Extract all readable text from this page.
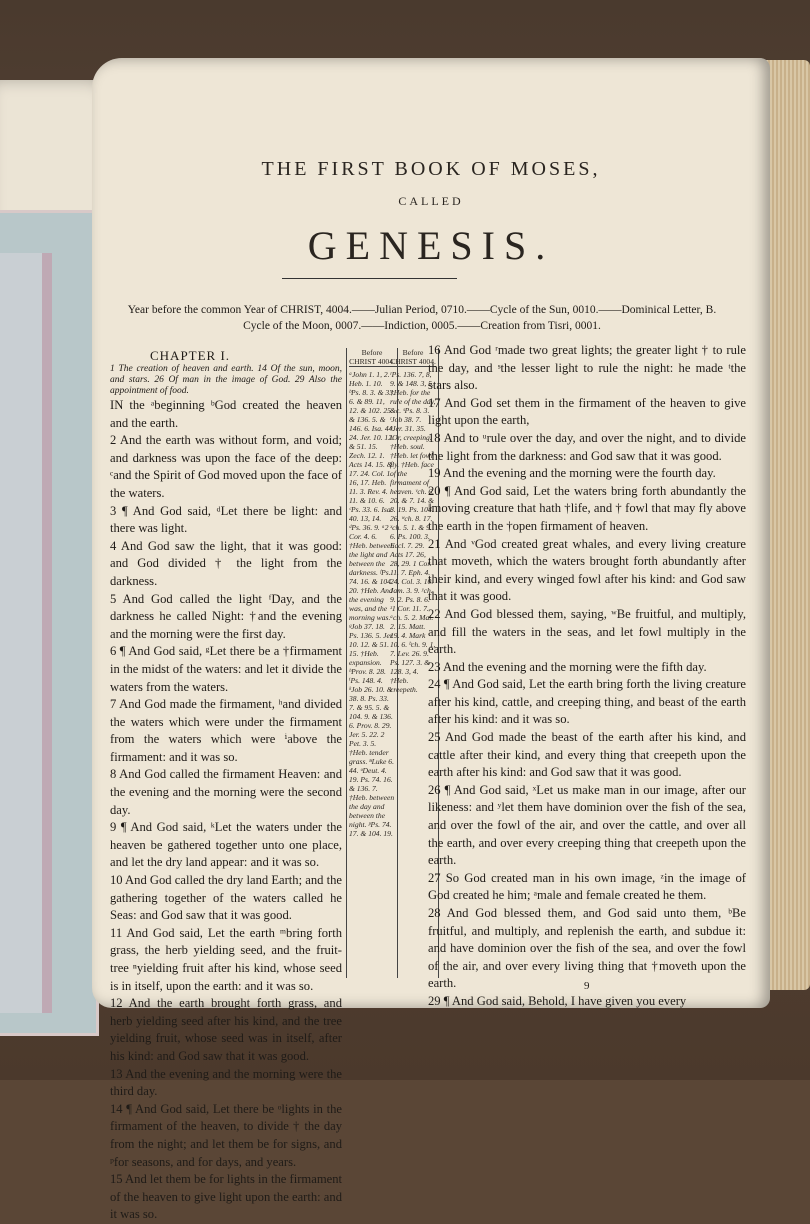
THE FIRST BOOK OF MOSES,
CALLED
GENESIS.
Year before the common Year of CHRIST, 4004.——Julian Period, 0710.——Cycle of the Sun, 0010.——Dominical Letter, B.
Cycle of the Moon, 0007.——Indiction, 0005.——Creation from Tisri, 0001.
CHAPTER I.

1 The creation of heaven and earth. 14 Of the sun, moon, and stars. 26 Of man in the image of God. 29 Also the appointment of food.

IN the ᵃbeginning ᵇGod created the heaven and the earth.

2 And the earth was without form, and void; and darkness was upon the face of the deep: ᶜand the Spirit of God moved upon the face of the waters.

3 ¶ And God said, ᵈLet there be light: and there was light.

4 And God saw the light, that it was good: and God divided † the light from the darkness.

5 And God called the light ᶠDay, and the darkness he called Night: †and the evening and the morning were the first day.

6 ¶ And God said, ᵍLet there be a †firmament in the midst of the waters: and let it divide the waters from the waters.

7 And God made the firmament, ʰand divided the waters which were under the firmament from the waters which were ⁱabove the firmament: and it was so.

8 And God called the firmament Heaven: and the evening and the morning were the second day.

9 ¶ And God said, ᵏLet the waters under the heaven be gathered together unto one place, and let the dry land appear: and it was so.

10 And God called the dry land Earth; and the gathering together of the waters called he Seas: and God saw that it was good.

11 And God said, Let the earth ᵐbring forth grass, the herb yielding seed, and the fruit-tree ⁿyielding fruit after his kind, whose seed is in itself, upon the earth: and it was so.

12 And the earth brought forth grass, and herb yielding seed after his kind, and the tree yielding fruit, whose seed was in itself, after his kind: and God saw that it was good.

13 And the evening and the morning were the third day.

14 ¶ And God said, Let there be ᵒlights in the firmament of the heaven, to divide † the day from the night; and let them be for signs, and ᵖfor seasons, and for days, and years.

15 And let them be for lights in the firmament of the heaven to give light upon the earth: and it was so.

Before CHRIST 4004.
ᵃJohn 1. 1, 2. Heb. 1. 10. ᵇPs. 8. 3. & 33. 6. & 89. 11, 12. & 102. 25. & 136. 5. & 146. 6. Isa. 44. 24. Jer. 10. 12. & 51. 15. Zech. 12. 1. Acts 14. 15. & 17. 24. Col. 1. 16, 17. Heb. 11. 3. Rev. 4. 11. & 10. 6. ᶜPs. 33. 6. Isa. 40. 13, 14. ᵈPs. 36. 9. ᵅ2 Cor. 4. 6. †Heb. between the light and between the darkness. ᶠPs. 74. 16. & 104. 20. †Heb. And the evening was, and the morning was. ᵍJob 37. 18. Ps. 136. 5. Jer. 10. 12. & 51. 15. †Heb. expansion. ʰProv. 8. 28. ⁱPs. 148. 4. ᵏJob 26. 10. & 38. 8. Ps. 33. 7. & 95. 5. & 104. 9. & 136. 6. Prov. 8. 29. Jer. 5. 22. 2 Pet. 3. 5. †Heb. tender grass. ⁿLuke 6. 44. ᵒDeut. 4. 19. Ps. 74. 16. & 136. 7. †Heb. between the day and between the night. ᵖPs. 74. 17. & 104. 19.
Before CHRIST 4004.
ʳPs. 136. 7, 8, 9. & 148. 3, 5. †Heb. for the rule of the day, &c. ˢPs. 8. 3. ᵗJob 38. 7. ᵘJer. 31. 35. ‖Or, creeping. †Heb. soul. †Heb. let fowl fly. †Heb. face of the firmament of heaven. ᵛch. 6. 20. & 7. 14. & 8. 19. Ps. 104. 26. ʷch. 8. 17. ˣch. 5. 1. & 9. 6. Ps. 100. 3. Eccl. 7. 29. Acts 17. 26, 28, 29. 1 Cor. 11. 7. Eph. 4. 24. Col. 3. 10. Jam. 3. 9. ʸch. 9. 2. Ps. 8. 6. ᶻ1 Cor. 11. 7. ᵃch. 5. 2. Mal. 2. 15. Matt. 19. 4. Mark 10. 6. ᵇch. 9. 1, 7. Lev. 26. 9. Ps. 127. 3. & 128. 3, 4. †Heb. creepeth.

16 And God ʳmade two great lights; the greater light † to rule the day, and ˢthe lesser light to rule the night: he made ᵗthe stars also.

17 And God set them in the firmament of the heaven to give light upon the earth,

18 And to ᵘrule over the day, and over the night, and to divide the light from the darkness: and God saw that it was good.

19 And the evening and the morning were the fourth day.

20 ¶ And God said, Let the waters bring forth abundantly the ‖moving creature that hath †life, and † fowl that may fly above the earth in the †open firmament of heaven.

21 And ᵛGod created great whales, and every living creature that moveth, which the waters brought forth abundantly after their kind, and every winged fowl after his kind: and God saw that it was good.

22 And God blessed them, saying, ʷBe fruitful, and multiply, and fill the waters in the seas, and let fowl multiply in the earth.

23 And the evening and the morning were the fifth day.

24 ¶ And God said, Let the earth bring forth the living creature after his kind, cattle, and creeping thing, and beast of the earth after his kind: and it was so.

25 And God made the beast of the earth after his kind, and cattle after their kind, and every thing that creepeth upon the earth after his kind: and God saw that it was good.

26 ¶ And God said, ˣLet us make man in our image, after our likeness: and ʸlet them have dominion over the fish of the sea, and over the fowl of the air, and over the cattle, and over all the earth, and over every creeping thing that creepeth upon the earth.

27 So God created man in his own image, ᶻin the image of God created he him; ᵃmale and female created he them.

28 And God blessed them, and God said unto them, ᵇBe fruitful, and multiply, and replenish the earth, and subdue it: and have dominion over the fish of the sea, and over the fowl of the air, and over every living thing that †moveth upon the earth.

29 ¶ And God said, Behold, I have given you every

9
